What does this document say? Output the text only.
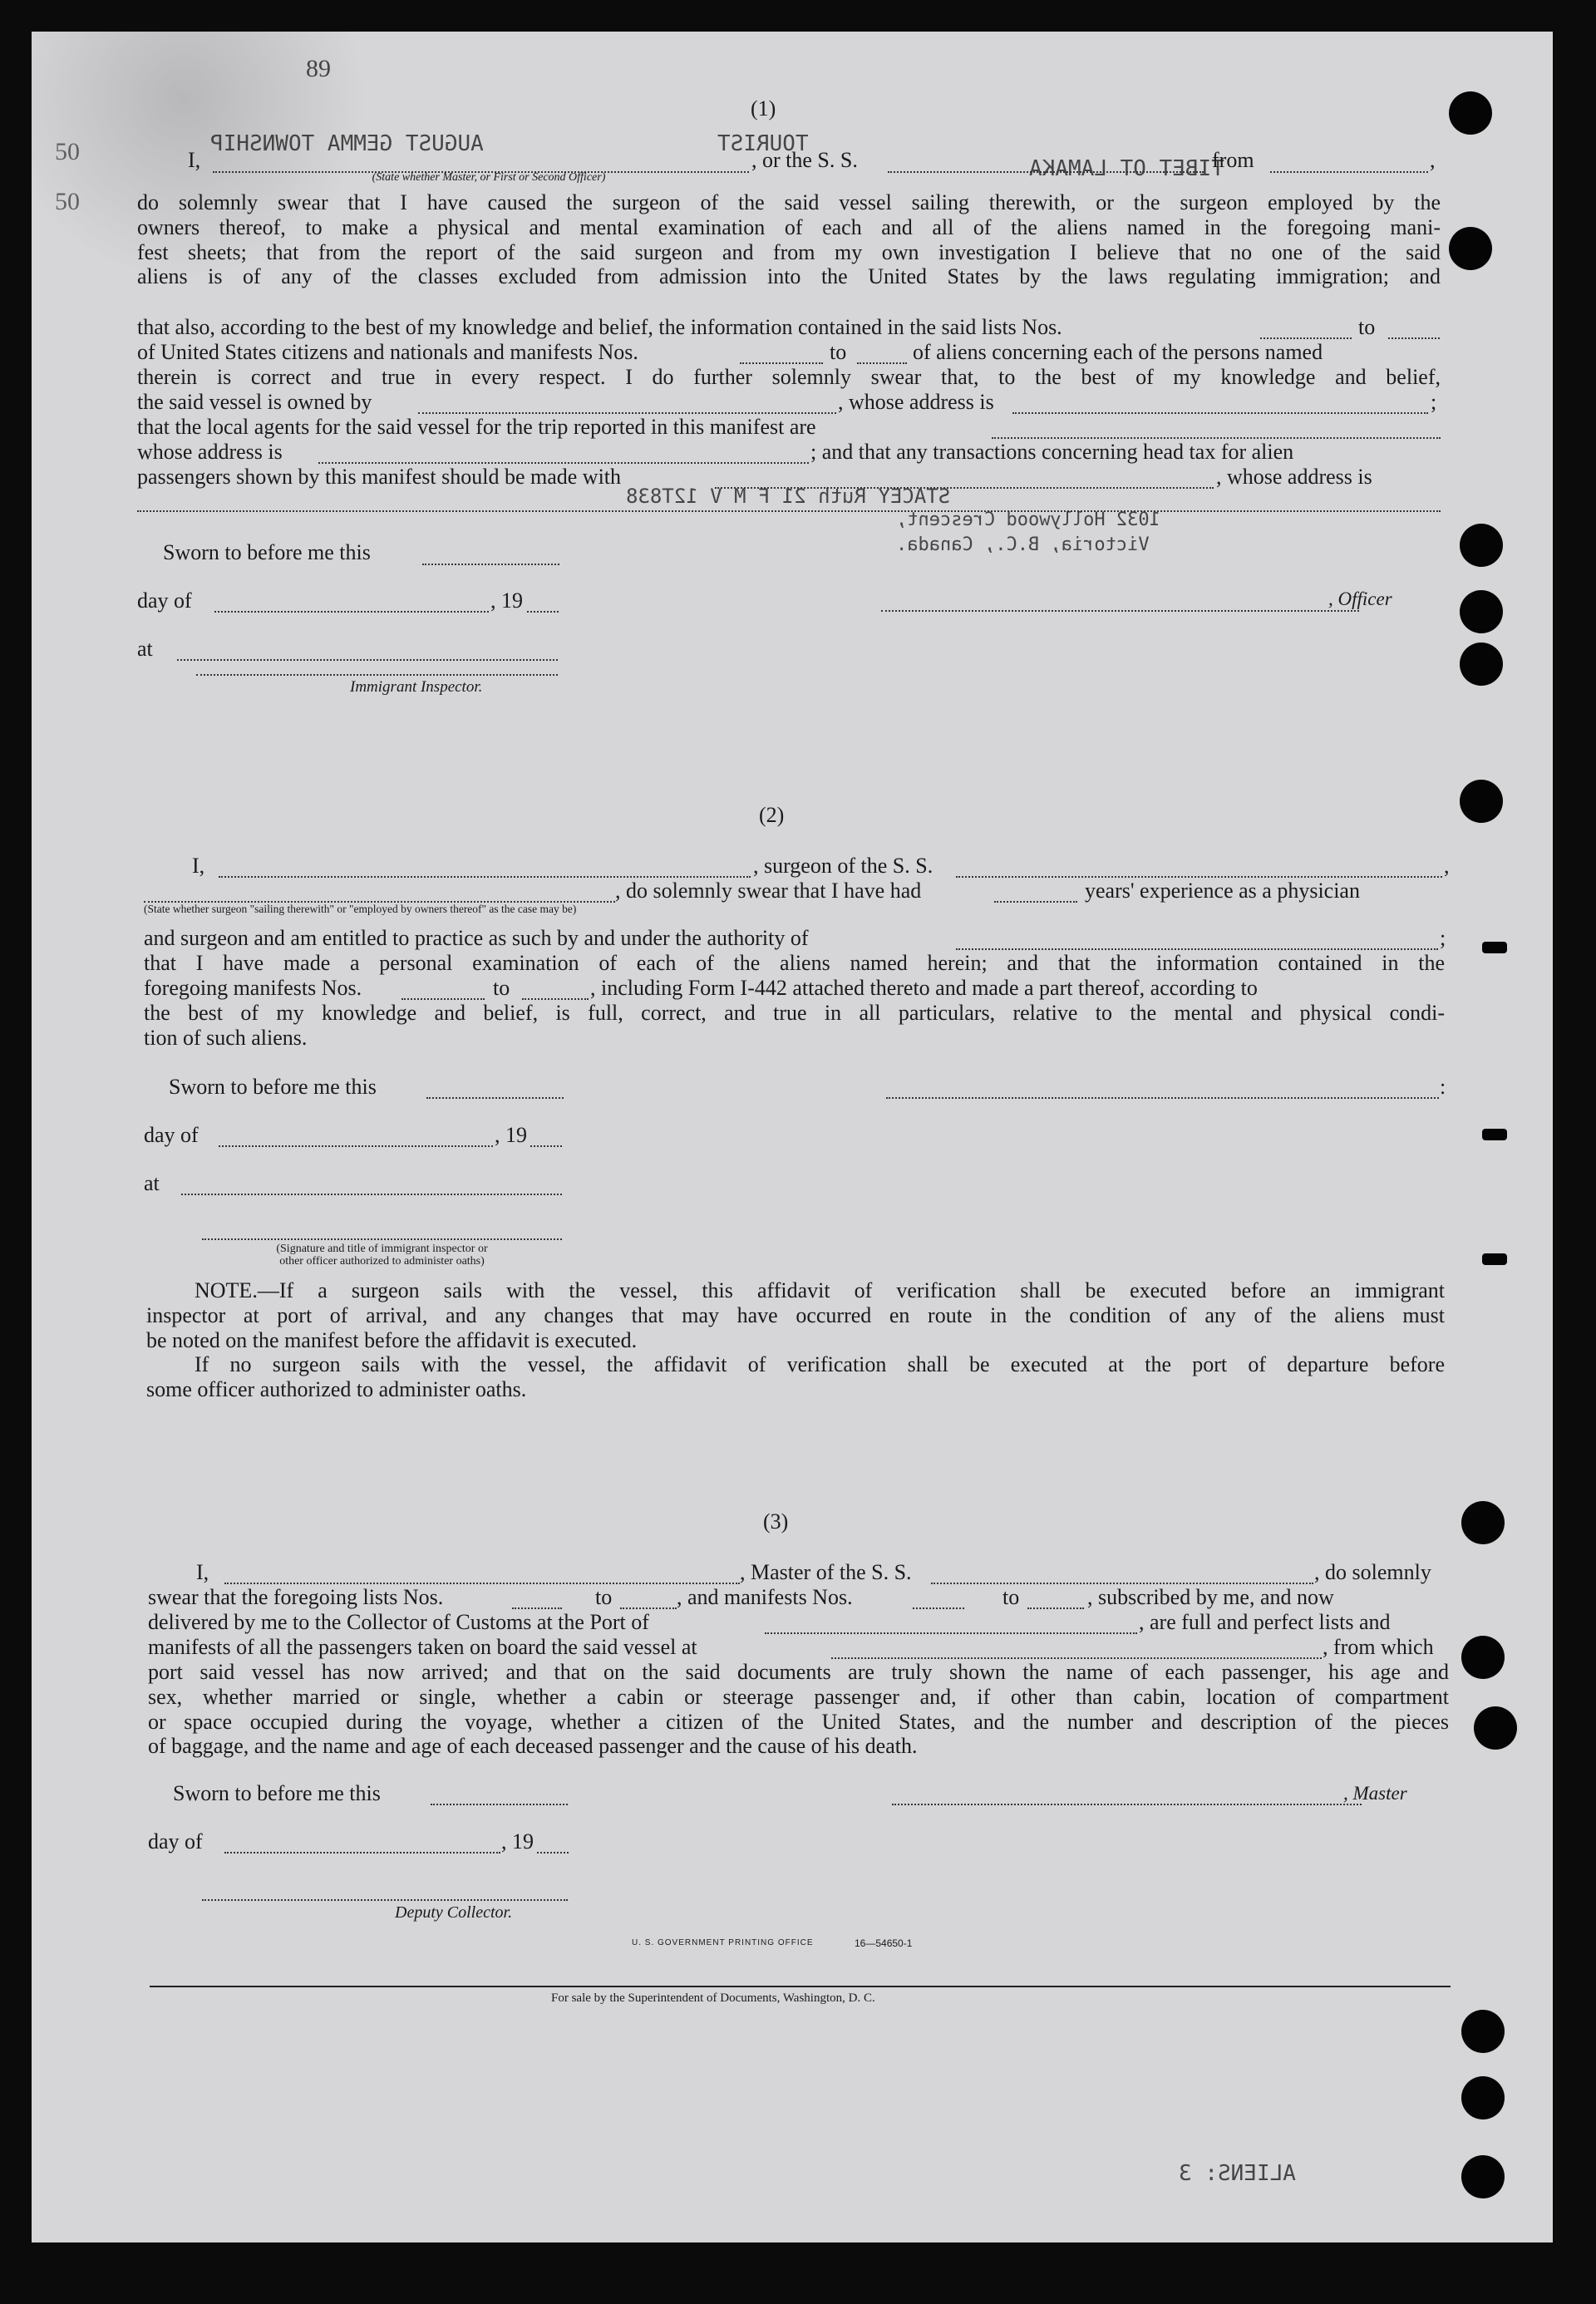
50
50
89
AUGUST GEMMA TOWNSHIP	TOURIST
TIBET OT LAMAKA
STACEY Ruth 21 F M V 12T838
1032 Hollywood Crescent,
Victoria, B.C., Canada.
ALIENS: 3
(1)
I,	, or the S. S.	from	,
(State whether Master, or First or Second Officer)
do solemnly swear that I have caused the surgeon of the said vessel sailing therewith, or the surgeon employed by the
owners thereof, to make a physical and mental examination of each and all of the aliens named in the foregoing mani-
fest sheets; that from the report of the said surgeon and from my own investigation I believe that no one of the said
aliens is of any of the classes excluded from admission into the United States by the laws regulating immigration; and
that also, according to the best of my knowledge and belief, the information contained in the said lists Nos.	to
of United States citizens and nationals and manifests Nos.	to	of aliens concerning each of the persons named
therein is correct and true in every respect. I do further solemnly swear that, to the best of my knowledge and belief,
the said vessel is owned by	, whose address is	;
that the local agents for the said vessel for the trip reported in this manifest are
whose address is	; and that any transactions concerning head tax for alien
passengers shown by this manifest should be made with	, whose address is
Sworn to before me this
day of	, 19
at
Immigrant Inspector.
, Officer
(2)
I,	, surgeon of the S. S.	,
, do solemnly swear that I have had	years' experience as a physician
(State whether surgeon "sailing therewith" or "employed by owners thereof" as the case may be)
and surgeon and am entitled to practice as such by and under the authority of	;
that I have made a personal examination of each of the aliens named herein; and that the information contained in the
foregoing manifests Nos.	to	, including Form I-442 attached thereto and made a part thereof, according to
the best of my knowledge and belief, is full, correct, and true in all particulars, relative to the mental and physical condi-
tion of such aliens.
Sworn to before me this	:
day of	, 19
at
(Signature and title of immigrant inspector or
other officer authorized to administer oaths)
NOTE.—If a surgeon sails with the vessel, this affidavit of verification shall be executed before an immigrant
inspector at port of arrival, and any changes that may have occurred en route in the condition of any of the aliens must
be noted on the manifest before the affidavit is executed.
If no surgeon sails with the vessel, the affidavit of verification shall be executed at the port of departure before
some officer authorized to administer oaths.
(3)
I,	, Master of the S. S.	, do solemnly
swear that the foregoing lists Nos.	to	, and manifests Nos.	to	, subscribed by me, and now
delivered by me to the Collector of Customs at the Port of	, are full and perfect lists and
manifests of all the passengers taken on board the said vessel at	, from which
port said vessel has now arrived; and that on the said documents are truly shown the name of each passenger, his age and
sex, whether married or single, whether a cabin or steerage passenger and, if other than cabin, location of compartment
or space occupied during the voyage, whether a citizen of the United States, and the number and description of the pieces
of baggage, and the name and age of each deceased passenger and the cause of his death.
Sworn to before me this	, Master
day of	, 19
Deputy Collector.
U. S. GOVERNMENT PRINTING OFFICE	16—54650-1
For sale by the Superintendent of Documents, Washington, D. C.
